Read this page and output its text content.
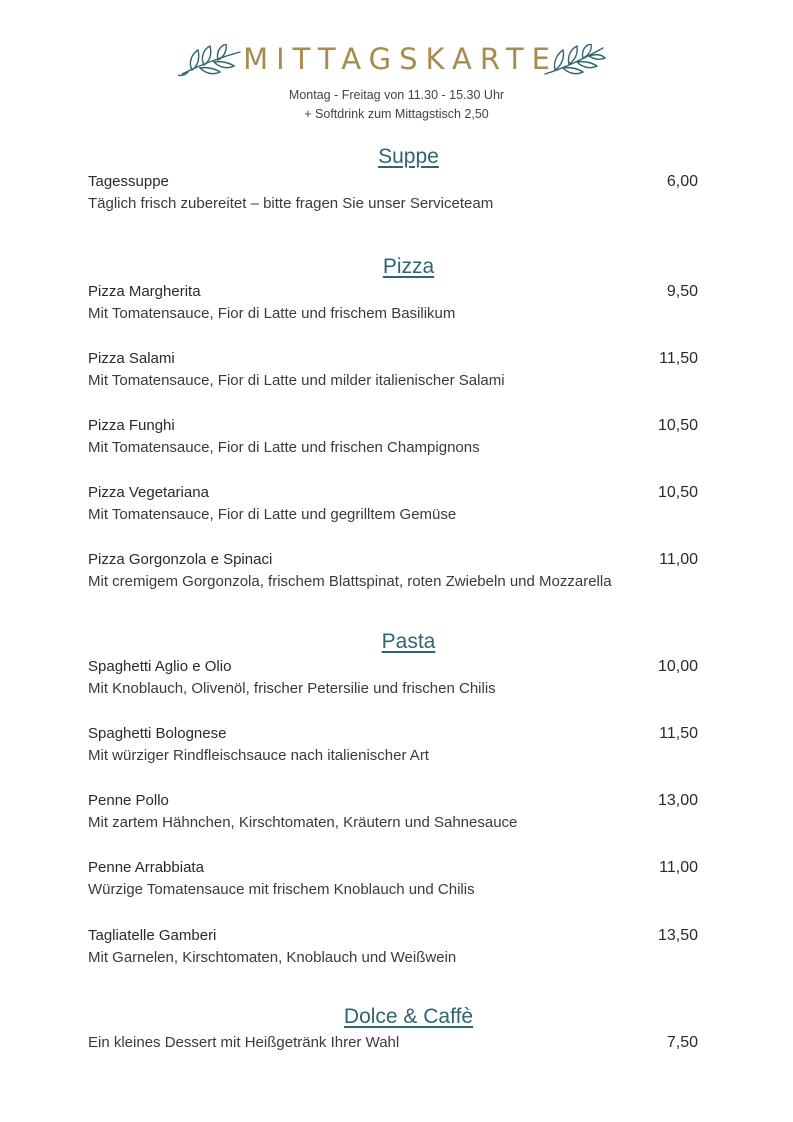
MITTAGSKARTE
Montag - Freitag von 11.30 - 15.30 Uhr
+ Softdrink zum Mittagstisch 2,50
Suppe
Tagessuppe	6,00
Täglich frisch zubereitet – bitte fragen Sie unser Serviceteam
Pizza
Pizza Margherita	9,50
Mit Tomatensauce, Fior di Latte und frischem Basilikum
Pizza Salami	11,50
Mit Tomatensauce, Fior di Latte und milder italienischer Salami
Pizza Funghi	10,50
Mit Tomatensauce, Fior di Latte und frischen Champignons
Pizza Vegetariana	10,50
Mit Tomatensauce, Fior di Latte und gegrilltem Gemüse
Pizza Gorgonzola e Spinaci	11,00
Mit cremigem Gorgonzola, frischem Blattspinat, roten Zwiebeln und Mozzarella
Pasta
Spaghetti Aglio e Olio	10,00
Mit Knoblauch, Olivenöl, frischer Petersilie und frischen Chilis
Spaghetti Bolognese	11,50
Mit würziger Rindfleischsauce nach italienischer Art
Penne Pollo	13,00
Mit zartem Hähnchen, Kirschtomaten, Kräutern und Sahnesauce
Penne Arrabbiata	11,00
Würzige Tomatensauce mit frischem Knoblauch und Chilis
Tagliatelle Gamberi	13,50
Mit Garnelen, Kirschtomaten, Knoblauch und Weißwein
Dolce & Caffè
Ein kleines Dessert mit Heißgetränk Ihrer Wahl	7,50
